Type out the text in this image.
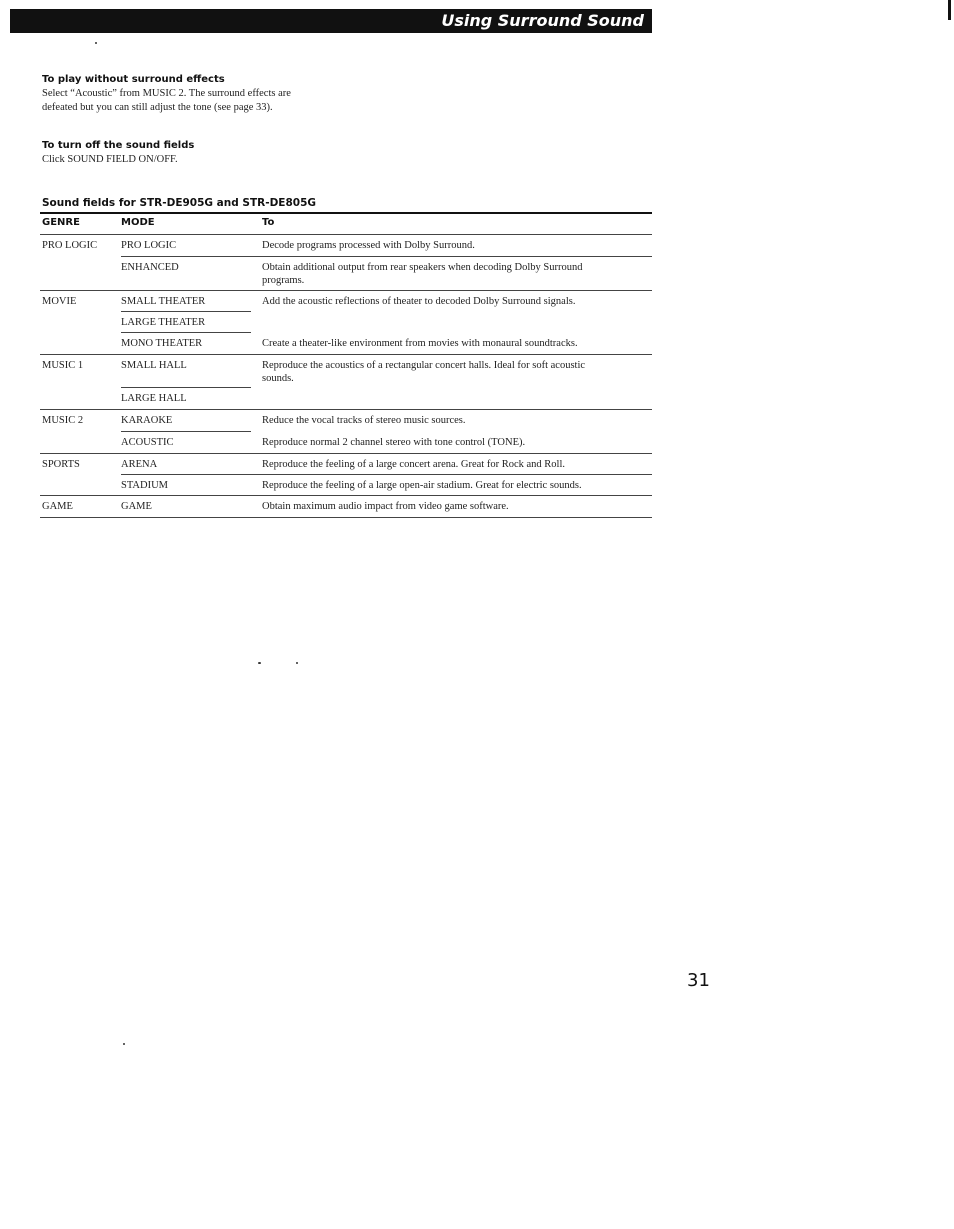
Using Surround Sound
To play without surround effects
Select “Acoustic” from MUSIC 2. The surround effects are
defeated but you can still adjust the tone (see page 33).
To turn off the sound fields
Click SOUND FIELD ON/OFF.
Sound fields for STR-DE905G and STR-DE805G
GENRE	MODE	To
PRO LOGIC
MOVIE
MUSIC 1
MUSIC 2
SPORTS
GAME
PRO LOGIC
ENHANCED
SMALL THEATER
LARGE THEATER
MONO THEATER
SMALL HALL
LARGE HALL
KARAOKE
ACOUSTIC
ARENA
STADIUM
GAME
Decode programs processed with Dolby Surround.
Obtain additional output from rear speakers when decoding Dolby Surround
programs.
Add the acoustic reflections of theater to decoded Dolby Surround signals.
Create a theater-like environment from movies with monaural soundtracks.
Reproduce the acoustics of a rectangular concert halls. Ideal for soft acoustic
sounds.
Reduce the vocal tracks of stereo music sources.
Reproduce normal 2 channel stereo with tone control (TONE).
Reproduce the feeling of a large concert arena. Great for Rock and Roll.
Reproduce the feeling of a large open-air stadium. Great for electric sounds.
Obtain maximum audio impact from video game software.
31
